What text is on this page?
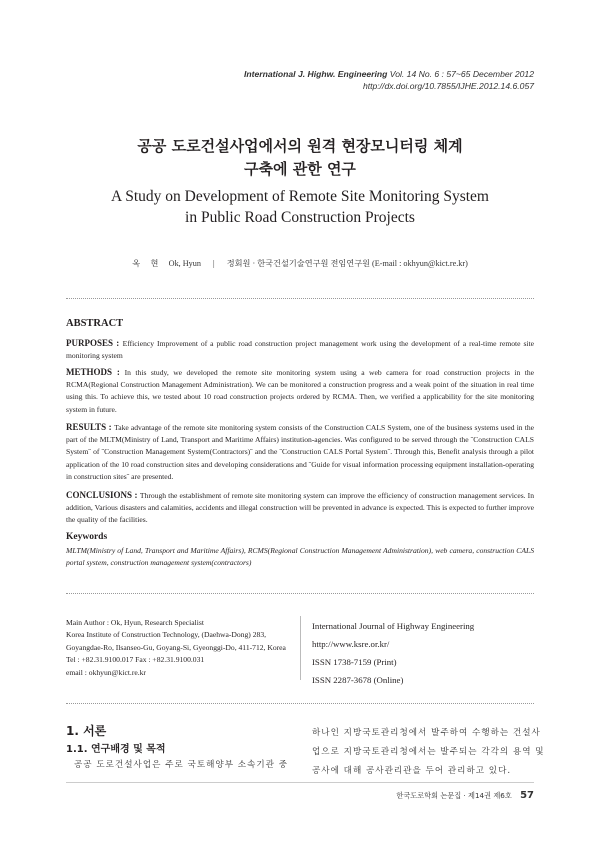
International J. Highw. Engineering Vol. 14 No. 6 : 57~65 December 2012
http://dx.doi.org/10.7855/IJHE.2012.14.6.057
공공 도로건설사업에서의 원격 현장모니터링 체계
구축에 관한 연구
A Study on Development of Remote Site Monitoring System
in Public Road Construction Projects
옥    현 Ok, Hyun | 정회원 · 한국건설기술연구원 전임연구원 (E-mail : okhyun@kict.re.kr)
ABSTRACT
PURPOSES : Efficiency Improvement of a public road construction project management work using the development of a real-time remote site monitoring system
METHODS : In this study, we developed the remote site monitoring system using a web camera for road construction projects in the RCMA(Regional Construction Management Administration). We can be monitored a construction progress and a weak point of the situation in real time using this. To achieve this, we tested about 10 road construction projects ordered by RCMA. Then, we verified a applicability for the site monitoring system in future.
RESULTS : Take advantage of the remote site monitoring system consists of the Construction CALS System, one of the business systems used in the part of the MLTM(Ministry of Land, Transport and Maritime Affairs) institution-agencies. Was configured to be served through the ˝Construction CALS System˝ of ˝Construction Management System(Contractors)˝ and the ˝Construction CALS Portal System˝. Through this, Benefit analysis through a pilot application of the 10 road construction sites and developing considerations and ˝Guide for visual information processing equipment installation-operating in construction sites˝ are presented.
CONCLUSIONS : Through the establishment of remote site monitoring system can improve the efficiency of construction management services. In addition, Various disasters and calamities, accidents and illegal construction will be prevented in advance is expected. This is expected to further improve the quality of the facilities.
Keywords
MLTM(Ministry of Land, Transport and Maritime Affairs), RCMS(Regional Construction Management Administration), web camera, construction CALS portal system, construction management system(contractors)
Main Author : Ok, Hyun, Research Specialist
Korea Institute of Construction Technology, (Daehwa-Dong) 283,
Goyangdae-Ro, Ilsanseo-Gu, Goyang-Si, Gyeonggi-Do, 411-712, Korea
Tel : +82.31.9100.017 Fax : +82.31.9100.031
email : okhyun@kict.re.kr
International Journal of Highway Engineering
http://www.ksre.or.kr/
ISSN 1738-7159 (Print)
ISSN 2287-3678 (Online)
1. 서론
1.1. 연구배경 및 목적
공공 도로건설사업은 주로 국토해양부 소속기관 중
하나인 지방국토관리청에서 발주하여 수행하는 건설사
업으로 지방국토관리청에서는 발주되는 각각의 용역 및
공사에 대해 공사관리관을 두어 관리하고 있다.
한국도로학회 논문집 · 제14권 제6호 57
